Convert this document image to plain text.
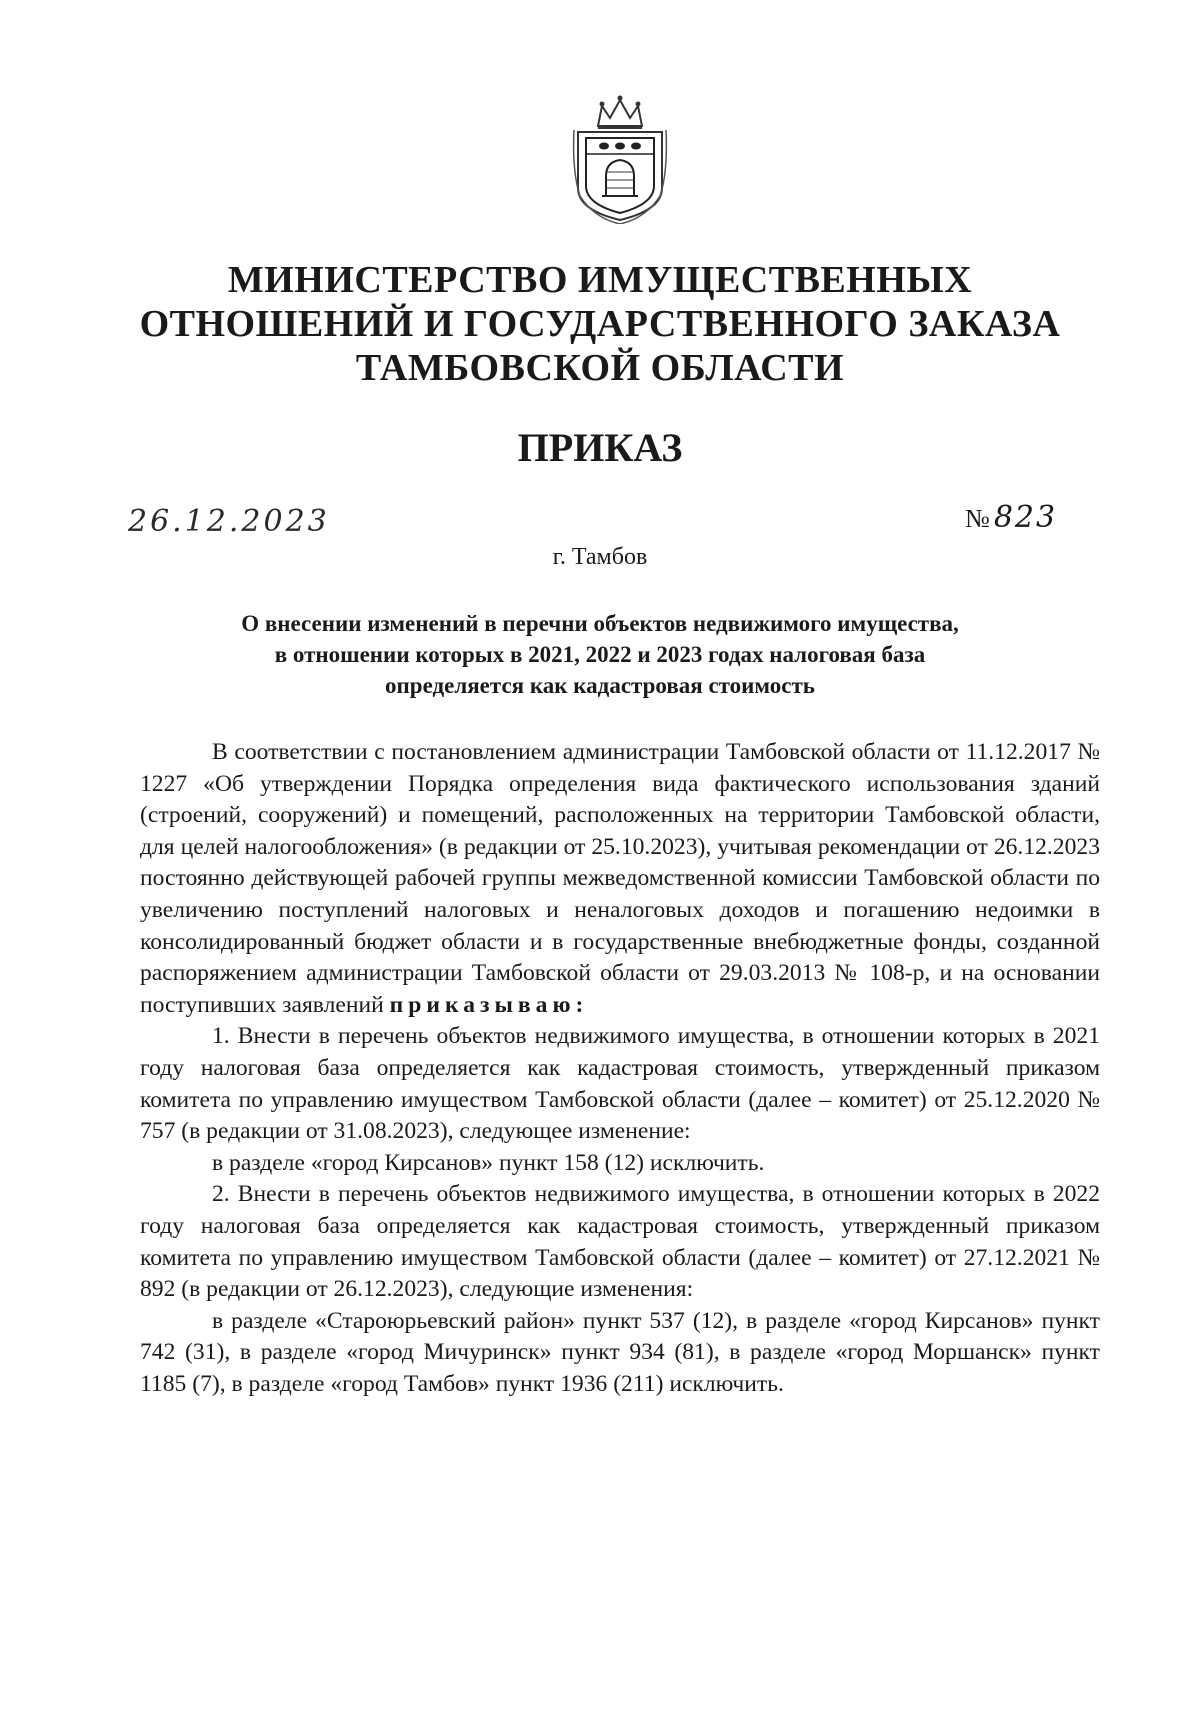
МИНИСТЕРСТВО ИМУЩЕСТВЕННЫХ
ОТНОШЕНИЙ И ГОСУДАРСТВЕННОГО ЗАКАЗА
ТАМБОВСКОЙ ОБЛАСТИ
ПРИКАЗ
26.12.2023	№ 823
г. Тамбов
О внесении изменений в перечни объектов недвижимого имущества,
в отношении которых в 2021, 2022 и 2023 годах налоговая база
определяется как кадастровая стоимость

В соответствии с постановлением администрации Тамбовской области от 11.12.2017 № 1227 «Об утверждении Порядка определения вида фактического использования зданий (строений, сооружений) и помещений, расположенных на территории Тамбовской области, для целей налогообложения» (в редакции от 25.10.2023), учитывая рекомендации от 26.12.2023 постоянно действующей рабочей группы межведомственной комиссии Тамбовской области по увеличению поступлений налоговых и неналоговых доходов и погашению недоимки в консолидированный бюджет области и в государственные внебюджетные фонды, созданной распоряжением администрации Тамбовской области от 29.03.2013 № 108-р, и на основании поступивших заявлений приказываю:

1. Внести в перечень объектов недвижимого имущества, в отношении которых в 2021 году налоговая база определяется как кадастровая стоимость, утвержденный приказом комитета по управлению имуществом Тамбовской области (далее – комитет) от 25.12.2020 № 757 (в редакции от 31.08.2023), следующее изменение:

в разделе «город Кирсанов» пункт 158 (12) исключить.

2. Внести в перечень объектов недвижимого имущества, в отношении которых в 2022 году налоговая база определяется как кадастровая стоимость, утвержденный приказом комитета по управлению имуществом Тамбовской области (далее – комитет) от 27.12.2021 № 892 (в редакции от 26.12.2023), следующие изменения:

в разделе «Староюрьевский район» пункт 537 (12), в разделе «город Кирсанов» пункт 742 (31), в разделе «город Мичуринск» пункт 934 (81), в разделе «город Моршанск» пункт 1185 (7), в разделе «город Тамбов» пункт 1936 (211) исключить.
